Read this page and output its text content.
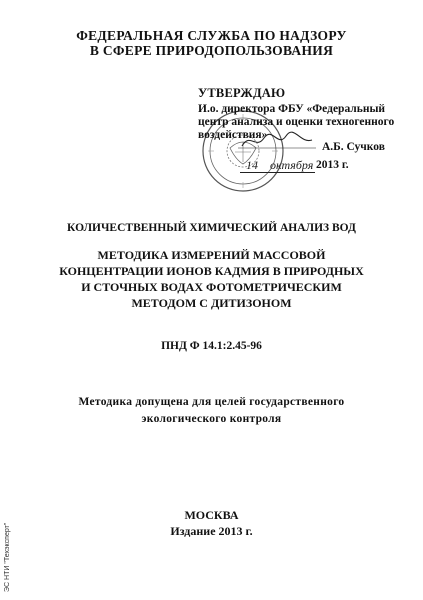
ФЕДЕРАЛЬНАЯ СЛУЖБА ПО НАДЗОРУ
В СФЕРЕ ПРИРОДОПОЛЬЗОВАНИЯ
УТВЕРЖДАЮ
И.о. директора ФБУ «Федеральный
центр анализа и оценки техногенного
воздействия»
А.Б. Сучков
14 октября 2013 г.
КОЛИЧЕСТВЕННЫЙ ХИМИЧЕСКИЙ АНАЛИЗ ВОД
МЕТОДИКА ИЗМЕРЕНИЙ МАССОВОЙ
КОНЦЕНТРАЦИИ ИОНОВ КАДМИЯ В ПРИРОДНЫХ
И СТОЧНЫХ ВОДАХ ФОТОМЕТРИЧЕСКИМ
МЕТОДОМ С ДИТИЗОНОМ
ПНД Ф 14.1:2.45-96
Методика допущена для целей государственного
экологического контроля
МОСКВА
Издание 2013 г.
ЭС НТИ "Техэксперт"
